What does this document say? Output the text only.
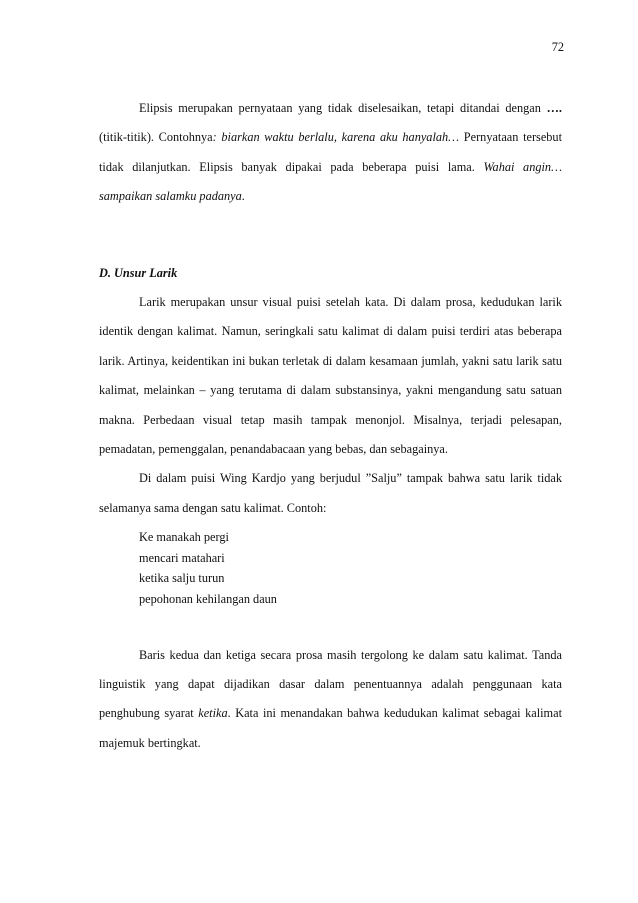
72

Elipsis merupakan pernyataan yang tidak diselesaikan, tetapi ditandai dengan …. (titik-titik). Contohnya: biarkan waktu berlalu, karena aku hanyalah… Pernyataan tersebut tidak dilanjutkan. Elipsis banyak dipakai pada beberapa puisi lama. Wahai angin… sampaikan salamku padanya.

D. Unsur Larik

Larik merupakan unsur visual puisi setelah kata. Di dalam prosa, kedudukan larik identik dengan kalimat. Namun, seringkali satu kalimat di dalam puisi terdiri atas beberapa larik. Artinya, keidentikan ini bukan terletak di dalam kesamaan jumlah, yakni satu larik satu kalimat, melainkan – yang terutama di dalam substansinya, yakni mengandung satu satuan makna. Perbedaan visual tetap masih tampak menonjol. Misalnya, terjadi pelesapan, pemadatan, pemenggalan, penandabacaan yang bebas, dan sebagainya.

Di dalam puisi Wing Kardjo yang berjudul ”Salju” tampak bahwa satu larik tidak selamanya sama dengan satu kalimat. Contoh:

Ke manakah pergi
mencari matahari
ketika salju turun
pepohonan kehilangan daun

Baris kedua dan ketiga secara prosa masih tergolong ke dalam satu kalimat. Tanda linguistik yang dapat dijadikan dasar dalam penentuannya adalah penggunaan kata penghubung syarat ketika. Kata ini menandakan bahwa kedudukan kalimat sebagai kalimat majemuk bertingkat.
